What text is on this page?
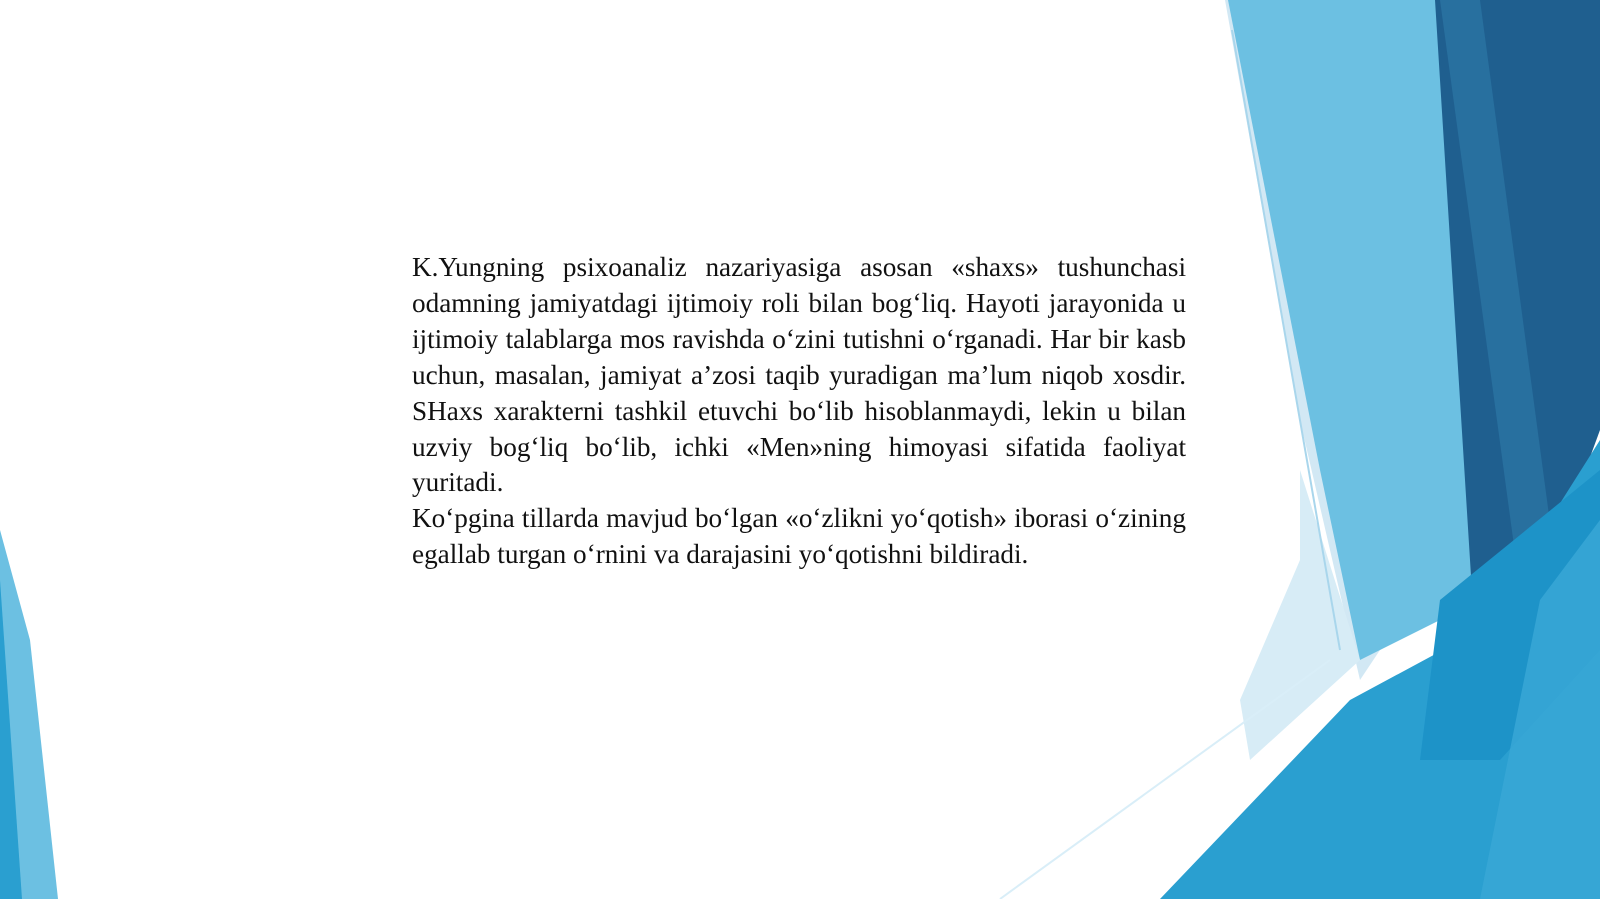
K.Yungning psixoanaliz nazariyasiga asosan «shaxs» tushunchasi odamning jamiyatdagi ijtimoiy roli bilan bog‘liq. Hayoti jarayonida u ijtimoiy talablarga mos ravishda o‘zini tutishni o‘rganadi. Har bir kasb uchun, masalan, jamiyat a’zosi taqib yuradigan ma’lum niqob xosdir. SHaxs xarakterni tashkil etuvchi bo‘lib hisoblanmaydi, lekin u bilan uzviy bog‘liq bo‘lib, ichki «Men»ning himoyasi sifatida faoliyat yuritadi.

Ko‘pgina tillarda mavjud bo‘lgan «o‘zlikni yo‘qotish» iborasi o‘zining egallab turgan o‘rnini va darajasini yo‘qotishni bildiradi.
